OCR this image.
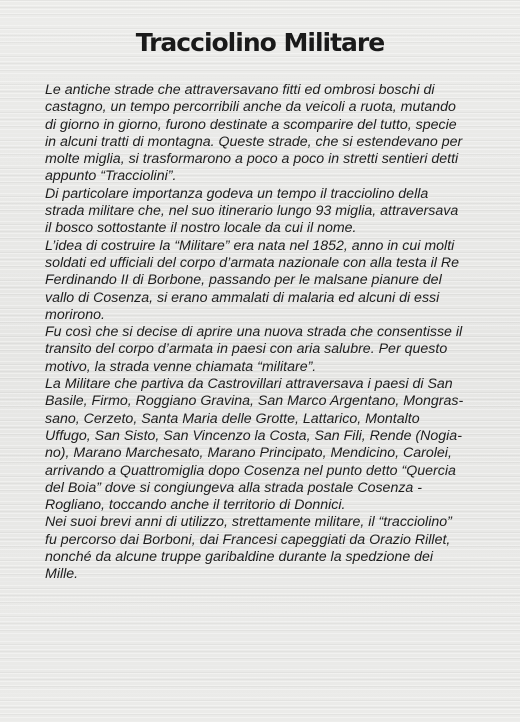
Tracciolino Militare
Le antiche strade che attraversavano fitti ed ombrosi boschi di
castagno, un tempo percorribili anche da veicoli a ruota, mutando
di giorno in giorno, furono destinate a scomparire del tutto, specie
in alcuni tratti di montagna. Queste strade, che si estendevano per
molte miglia, si trasformarono a poco a poco in stretti sentieri detti
appunto “Tracciolini”.
Di particolare importanza godeva un tempo il tracciolino della
strada militare che, nel suo itinerario lungo 93 miglia, attraversava
il bosco sottostante il nostro locale da cui il nome.
L’idea di costruire la “Militare” era nata nel 1852, anno in cui molti
soldati ed ufficiali del corpo d’armata nazionale con alla testa il Re
Ferdinando II di Borbone, passando per le malsane pianure del
vallo di Cosenza, si erano ammalati di malaria ed alcuni di essi
morirono.
Fu così che si decise di aprire una nuova strada che consentisse il
transito del corpo d’armata in paesi con aria salubre. Per questo
motivo, la strada venne chiamata “militare”.
La Militare che partiva da Castrovillari attraversava i paesi di San
Basile, Firmo, Roggiano Gravina, San Marco Argentano, Mongras-
sano, Cerzeto, Santa Maria delle Grotte, Lattarico, Montalto
Uffugo, San Sisto, San Vincenzo la Costa, San Fili, Rende (Nogia-
no), Marano Marchesato, Marano Principato, Mendicino, Carolei,
arrivando a Quattromiglia dopo Cosenza nel punto detto “Quercia
del Boia” dove si congiungeva alla strada postale Cosenza -
Rogliano, toccando anche il territorio di Donnici.
Nei suoi brevi anni di utilizzo, strettamente militare, il “tracciolino”
fu percorso dai Borboni, dai Francesi capeggiati da Orazio Rillet,
nonché da alcune truppe garibaldine durante la spedzione dei
Mille.
